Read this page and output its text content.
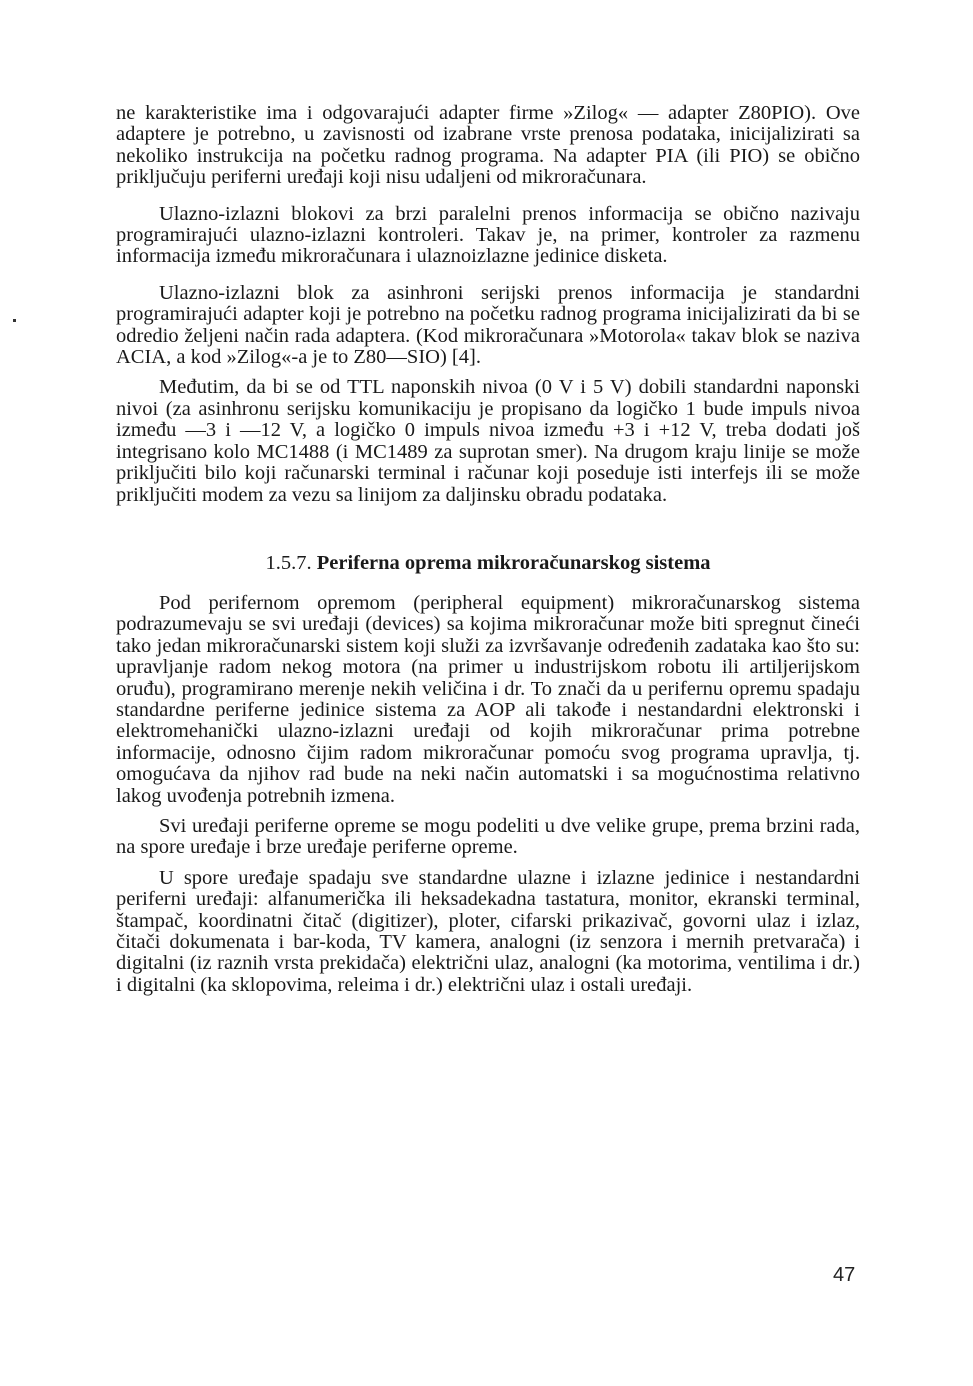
ne karakteristike ima i odgovarajući adapter firme »Zilog« — adapter Z80PIO). Ove adaptere je potrebno, u zavisnosti od izabrane vrste prenosa podataka, inicijalizirati sa nekoliko instrukcija na početku radnog programa. Na adapter PIA (ili PIO) se obično priključuju periferni uređaji koji nisu udaljeni od mikroračunara.

Ulazno-izlazni blokovi za brzi paralelni prenos informacija se obično nazivaju programirajući ulazno-izlazni kontroleri. Takav je, na primer, kontroler za razmenu informacija između mikroračunara i ulaznoizlazne jedinice disketa.

Ulazno-izlazni blok za asinhroni serijski prenos informacija je standardni programirajući adapter koji je potrebno na početku radnog programa inicijalizirati da bi se odredio željeni način rada adaptera. (Kod mikroračunara »Motorola« takav blok se naziva ACIA, a kod »Zilog«-a je to Z80—SIO) [4].

Međutim, da bi se od TTL naponskih nivoa (0 V i 5 V) dobili standardni naponski nivoi (za asinhronu serijsku komunikaciju je propisano da logičko 1 bude impuls nivoa između —3 i —12 V, a logičko 0 impuls nivoa između +3 i +12 V, treba dodati još integrisano kolo MC1488 (i MC1489 za suprotan smer). Na drugom kraju linije se može priključiti bilo koji računarski terminal i računar koji poseduje isti interfejs ili se može priključiti modem za vezu sa linijom za daljinsku obradu podataka.

1.5.7. Periferna oprema mikroračunarskog sistema

Pod perifernom opremom (peripheral equipment) mikroračunarskog sistema podrazumevaju se svi uređaji (devices) sa kojima mikroračunar može biti spregnut čineći tako jedan mikroračunarski sistem koji služi za izvršavanje određenih zadataka kao što su: upravljanje radom nekog motora (na primer u industrijskom robotu ili artiljerijskom oruđu), programirano merenje nekih veličina i dr. To znači da u perifernu opremu spadaju standardne periferne jedinice sistema za AOP ali takođe i nestandardni elektronski i elektromehanički ulazno-izlazni uređaji od kojih mikroračunar prima potrebne informacije, odnosno čijim radom mikroračunar pomoću svog programa upravlja, tj. omogućava da njihov rad bude na neki način automatski i sa mogućnostima relativno lakog uvođenja potrebnih izmena.

Svi uređaji periferne opreme se mogu podeliti u dve velike grupe, prema brzini rada, na spore uređaje i brze uređaje periferne opreme.

U spore uređaje spadaju sve standardne ulazne i izlazne jedinice i nestandardni periferni uređaji: alfanumerička ili heksadekadna tastatura, monitor, ekranski terminal, štampač, koordinatni čitač (digitizer), ploter, cifarski prikazivač, govorni ulaz i izlaz, čitači dokumenata i bar-koda, TV kamera, analogni (iz senzora i mernih pretvarača) i digitalni (iz raznih vrsta prekidača) električni ulaz, analogni (ka motorima, ventilima i dr.) i digitalni (ka sklopovima, releima i dr.) električni ulaz i ostali uređaji.

47
